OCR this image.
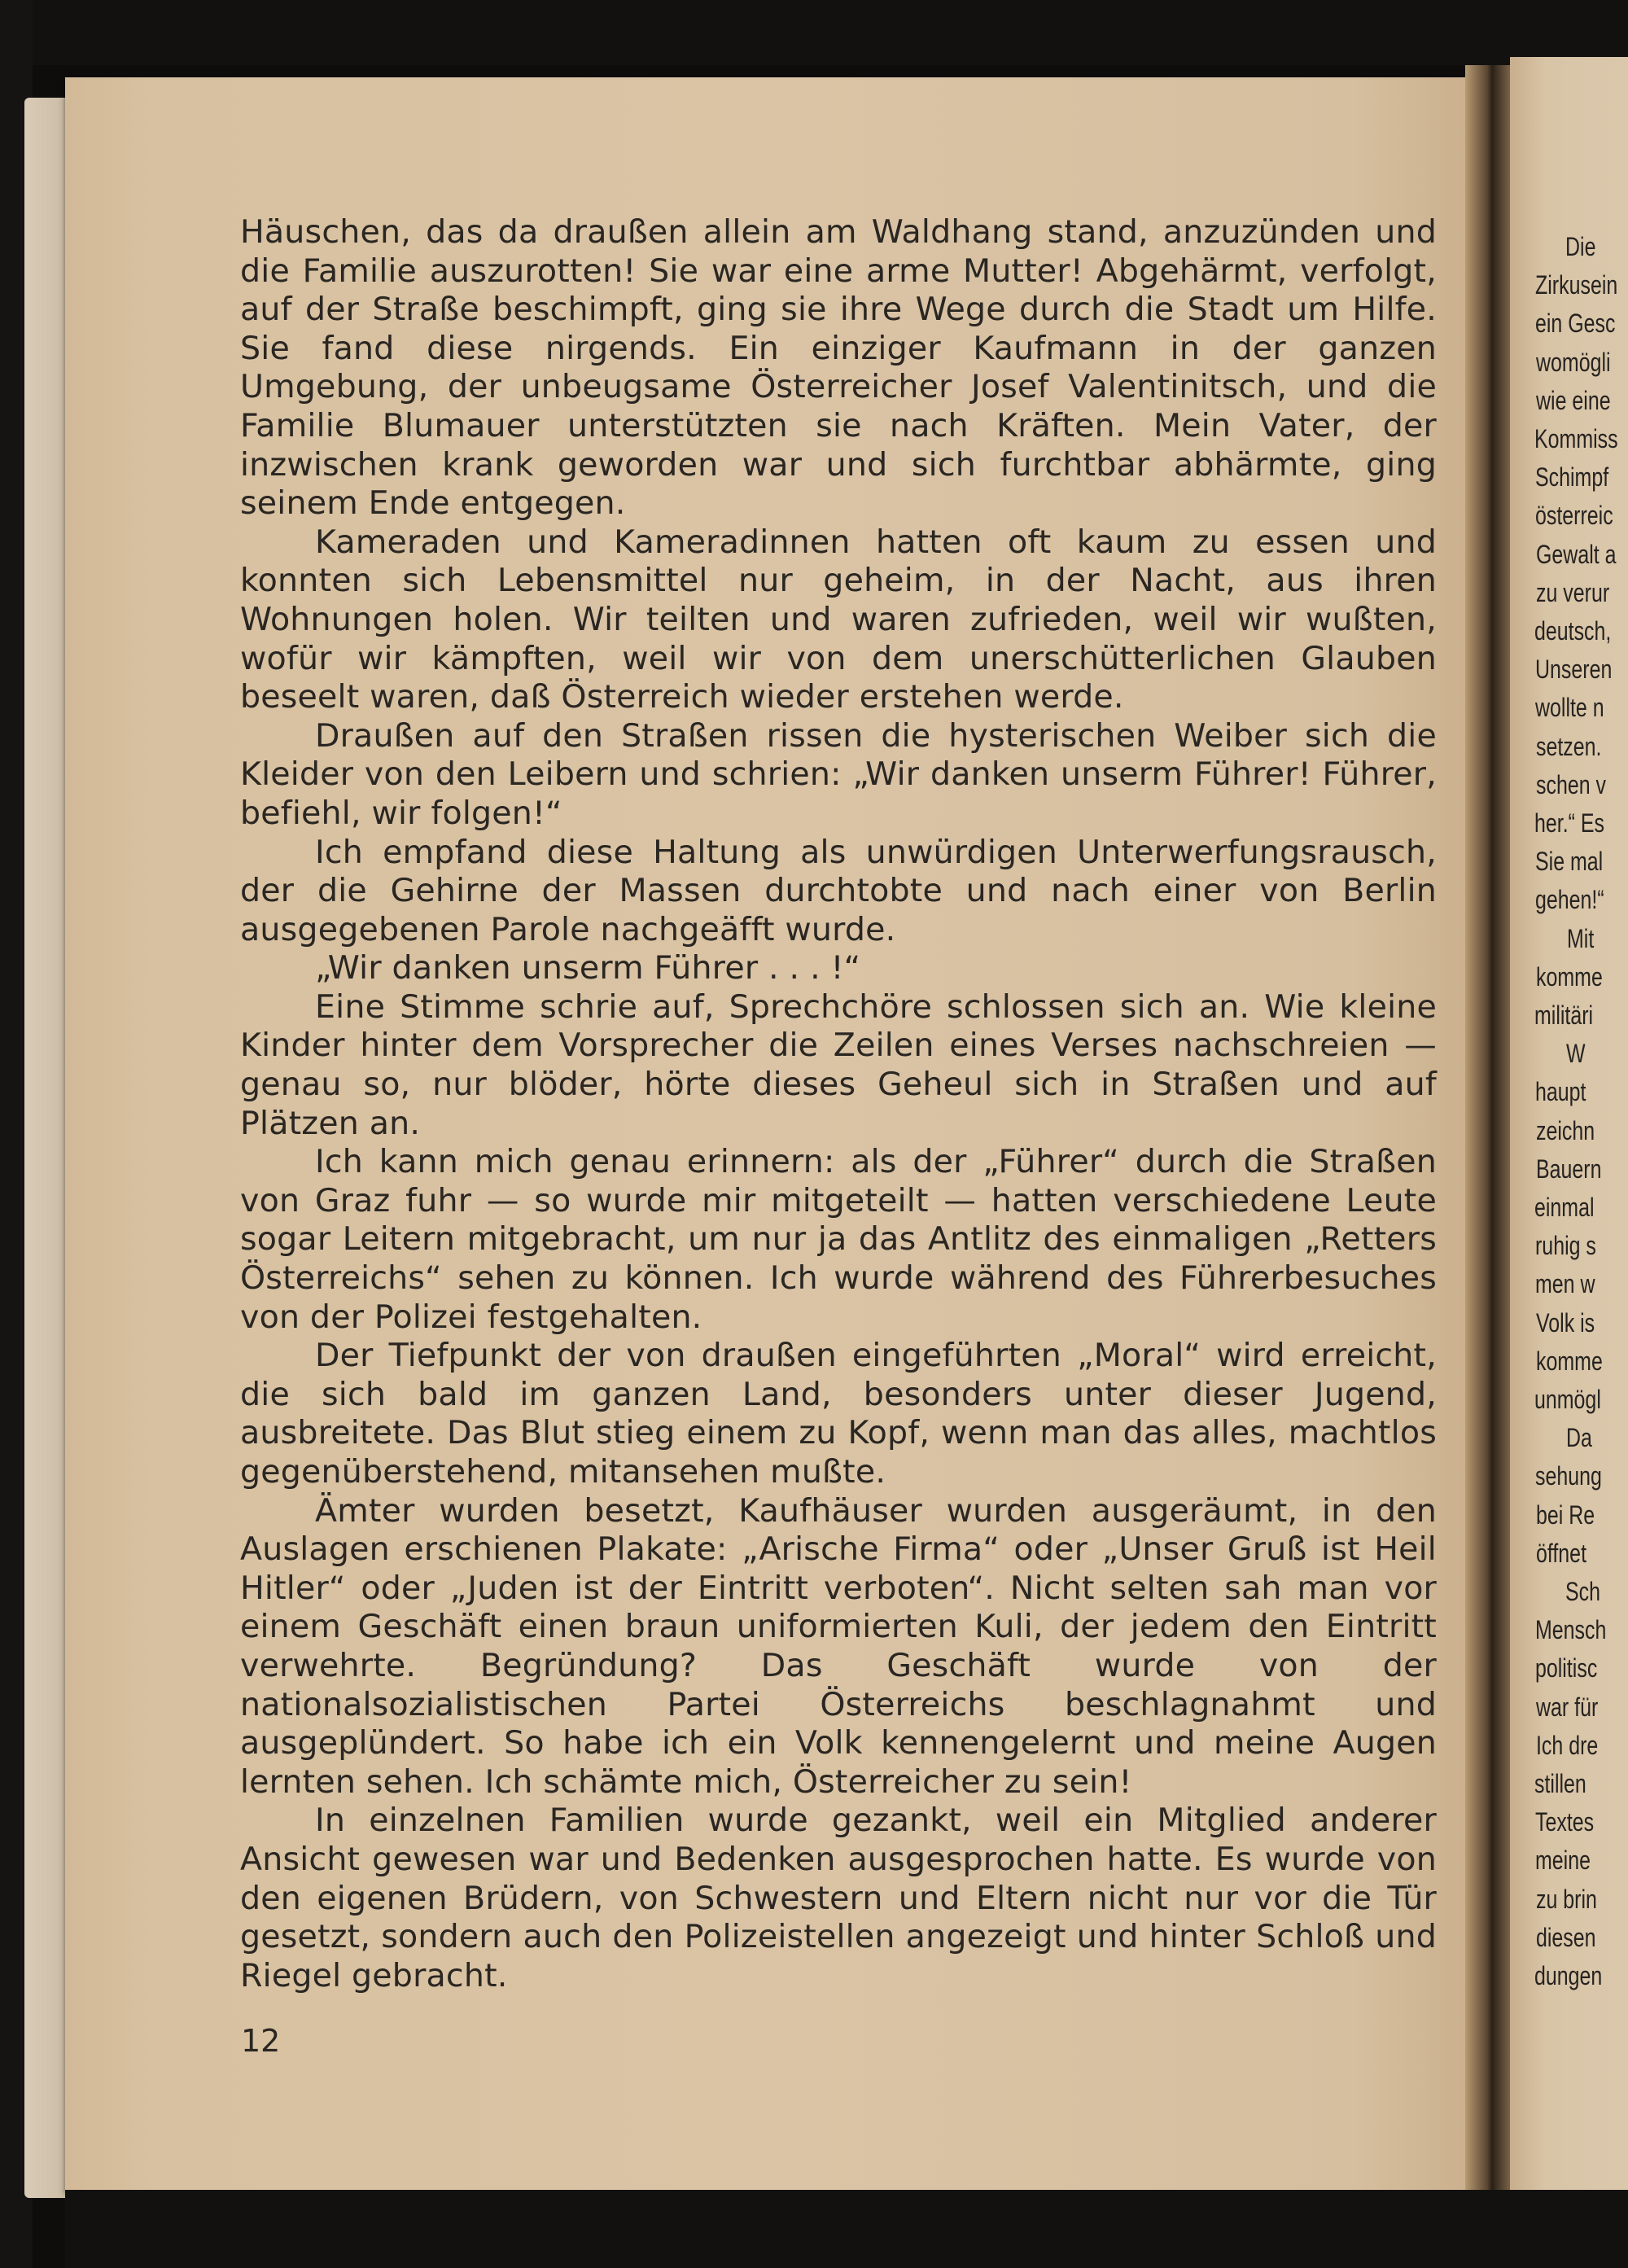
Häuschen, das da draußen allein am Waldhang stand, anzuzünden und die Familie auszurotten! Sie war eine arme Mutter! Abgehärmt, verfolgt, auf der Straße beschimpft, ging sie ihre Wege durch die Stadt um Hilfe. Sie fand diese nirgends. Ein einziger Kaufmann in der ganzen Umgebung, der unbeugsame Österreicher Josef Valentinitsch, und die Familie Blumauer unterstützten sie nach Kräften. Mein Vater, der inzwischen krank geworden war und sich furchtbar abhärmte, ging seinem Ende entgegen.

Kameraden und Kameradinnen hatten oft kaum zu essen und konnten sich Lebensmittel nur geheim, in der Nacht, aus ihren Wohnungen holen. Wir teilten und waren zufrieden, weil wir wußten, wofür wir kämpften, weil wir von dem unerschütterlichen Glauben beseelt waren, daß Österreich wieder erstehen werde.

Draußen auf den Straßen rissen die hysterischen Weiber sich die Kleider von den Leibern und schrien: „Wir danken unserm Führer! Führer, befiehl, wir folgen!“

Ich empfand diese Haltung als unwürdigen Unterwerfungsrausch, der die Gehirne der Massen durchtobte und nach einer von Berlin ausgegebenen Parole nachgeäfft wurde.

„Wir danken unserm Führer . . . !“

Eine Stimme schrie auf, Sprechchöre schlossen sich an. Wie kleine Kinder hinter dem Vorsprecher die Zeilen eines Verses nachschreien — genau so, nur blöder, hörte dieses Geheul sich in Straßen und auf Plätzen an.

Ich kann mich genau erinnern: als der „Führer“ durch die Straßen von Graz fuhr — so wurde mir mitgeteilt — hatten verschiedene Leute sogar Leitern mitgebracht, um nur ja das Antlitz des einmaligen „Retters Österreichs“ sehen zu können. Ich wurde während des Führerbesuches von der Polizei festgehalten.

Der Tiefpunkt der von draußen eingeführten „Moral“ wird erreicht, die sich bald im ganzen Land, besonders unter dieser Jugend, ausbreitete. Das Blut stieg einem zu Kopf, wenn man das alles, machtlos gegenüberstehend, mitansehen mußte.

Ämter wurden besetzt, Kaufhäuser wurden ausgeräumt, in den Auslagen erschienen Plakate: „Arische Firma“ oder „Unser Gruß ist Heil Hitler“ oder „Juden ist der Eintritt verboten“. Nicht selten sah man vor einem Geschäft einen braun uniformierten Kuli, der jedem den Eintritt verwehrte. Begründung? Das Geschäft wurde von der nationalsozialistischen Partei Österreichs beschlagnahmt und ausgeplündert. So habe ich ein Volk kennengelernt und meine Augen lernten sehen. Ich schämte mich, Österreicher zu sein!

In einzelnen Familien wurde gezankt, weil ein Mitglied anderer Ansicht gewesen war und Bedenken ausgesprochen hatte. Es wurde von den eigenen Brüdern, von Schwestern und Eltern nicht nur vor die Tür gesetzt, sondern auch den Polizeistellen angezeigt und hinter Schloß und Riegel gebracht.

12
Die
Zirkusein
ein Gesc
womögli
wie eine
Kommiss
Schimpf
österreic
Gewalt a
zu verur
deutsch,
Unseren
wollte n
setzen.
schen v
her.“ Es
Sie mal
gehen!“
Mit
komme
militäri
W
haupt
zeichn
Bauern
einmal
ruhig s
men w
Volk is
komme
unmögl
Da
sehung
bei Re
öffnet
Sch
Mensch
politisc
war für
Ich dre
stillen
Textes
meine
zu brin
diesen
dungen
